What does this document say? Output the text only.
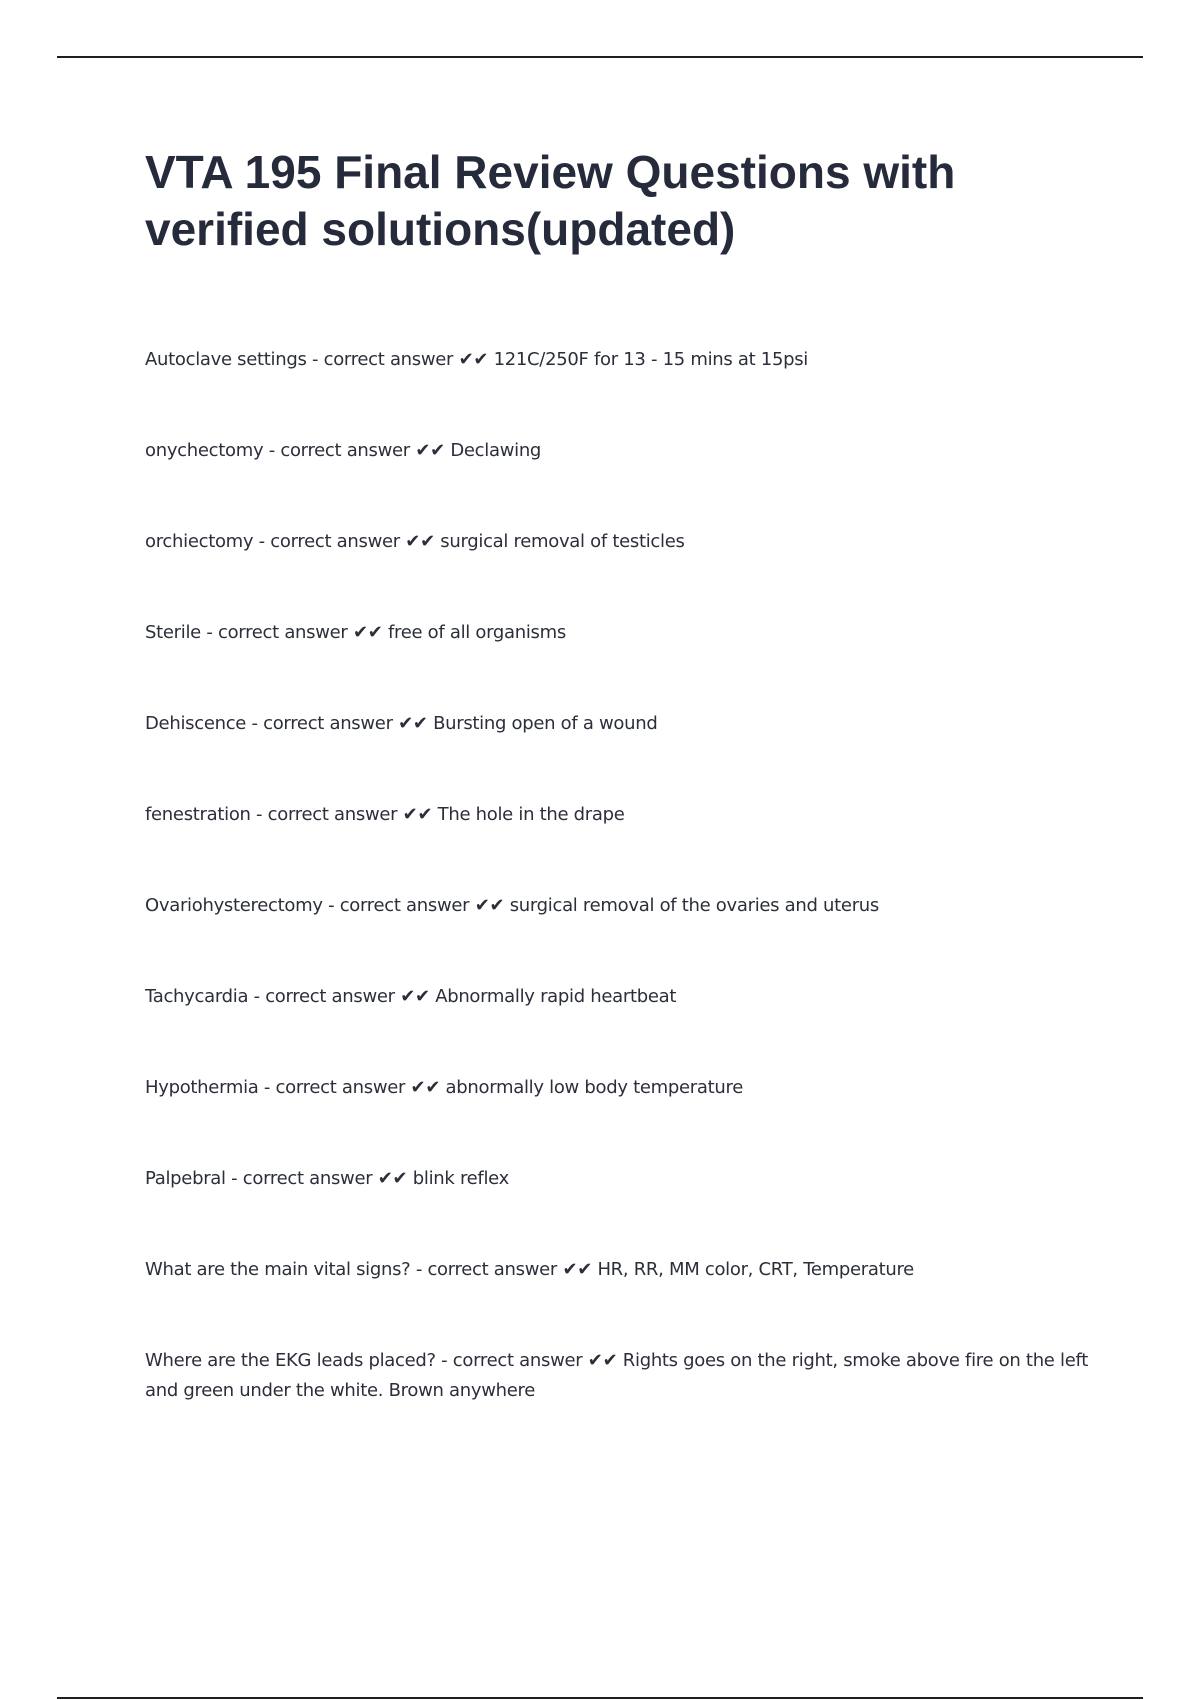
VTA 195 Final Review Questions with verified solutions(updated)
Autoclave settings - correct answer ✔✔ 121C/250F for 13 - 15 mins at 15psi
onychectomy - correct answer ✔✔ Declawing
orchiectomy - correct answer ✔✔ surgical removal of testicles
Sterile - correct answer ✔✔ free of all organisms
Dehiscence - correct answer ✔✔ Bursting open of a wound
fenestration - correct answer ✔✔ The hole in the drape
Ovariohysterectomy - correct answer ✔✔ surgical removal of the ovaries and uterus
Tachycardia - correct answer ✔✔ Abnormally rapid heartbeat
Hypothermia - correct answer ✔✔ abnormally low body temperature
Palpebral - correct answer ✔✔ blink reflex
What are the main vital signs? - correct answer ✔✔ HR, RR, MM color, CRT, Temperature
Where are the EKG leads placed? - correct answer ✔✔ Rights goes on the right, smoke above fire on the left and green under the white. Brown anywhere
